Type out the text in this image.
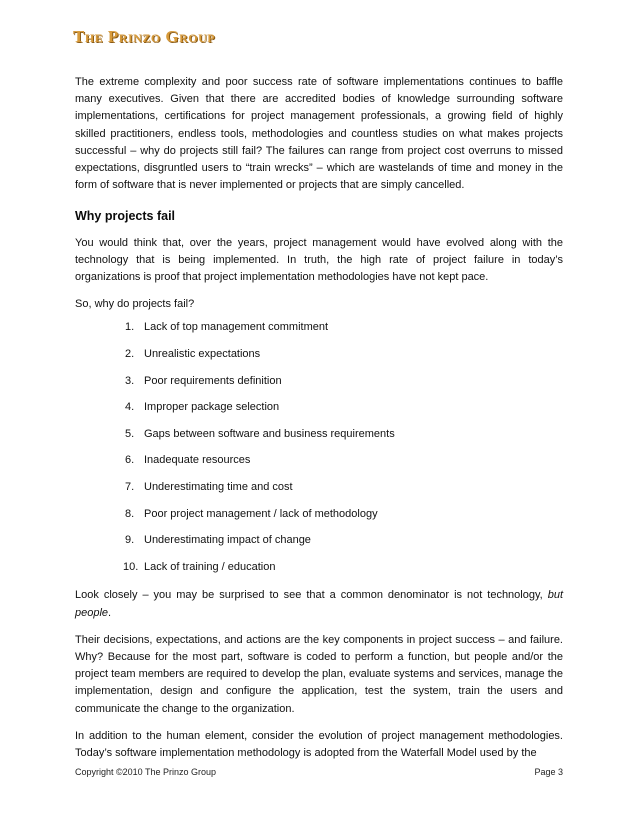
The Prinzo Group

The extreme complexity and poor success rate of software implementations continues to baffle many executives. Given that there are accredited bodies of knowledge surrounding software implementations, certifications for project management professionals, a growing field of highly skilled practitioners, endless tools, methodologies and countless studies on what makes projects successful – why do projects still fail? The failures can range from project cost overruns to missed expectations, disgruntled users to “train wrecks” – which are wastelands of time and money in the form of software that is never implemented or projects that are simply cancelled.

Why projects fail

You would think that, over the years, project management would have evolved along with the technology that is being implemented. In truth, the high rate of project failure in today’s organizations is proof that project implementation methodologies have not kept pace.

So, why do projects fail?

1. Lack of top management commitment
2. Unrealistic expectations
3. Poor requirements definition
4. Improper package selection
5. Gaps between software and business requirements
6. Inadequate resources
7. Underestimating time and cost
8. Poor project management / lack of methodology
9. Underestimating impact of change
10. Lack of training / education

Look closely – you may be surprised to see that a common denominator is not technology, but people.

Their decisions, expectations, and actions are the key components in project success – and failure. Why? Because for the most part, software is coded to perform a function, but people and/or the project team members are required to develop the plan, evaluate systems and services, manage the implementation, design and configure the application, test the system, train the users and communicate the change to the organization.

In addition to the human element, consider the evolution of project management methodologies. Today’s software implementation methodology is adopted from the Waterfall Model used by the

Copyright ©2010 The Prinzo Group	Page 3
